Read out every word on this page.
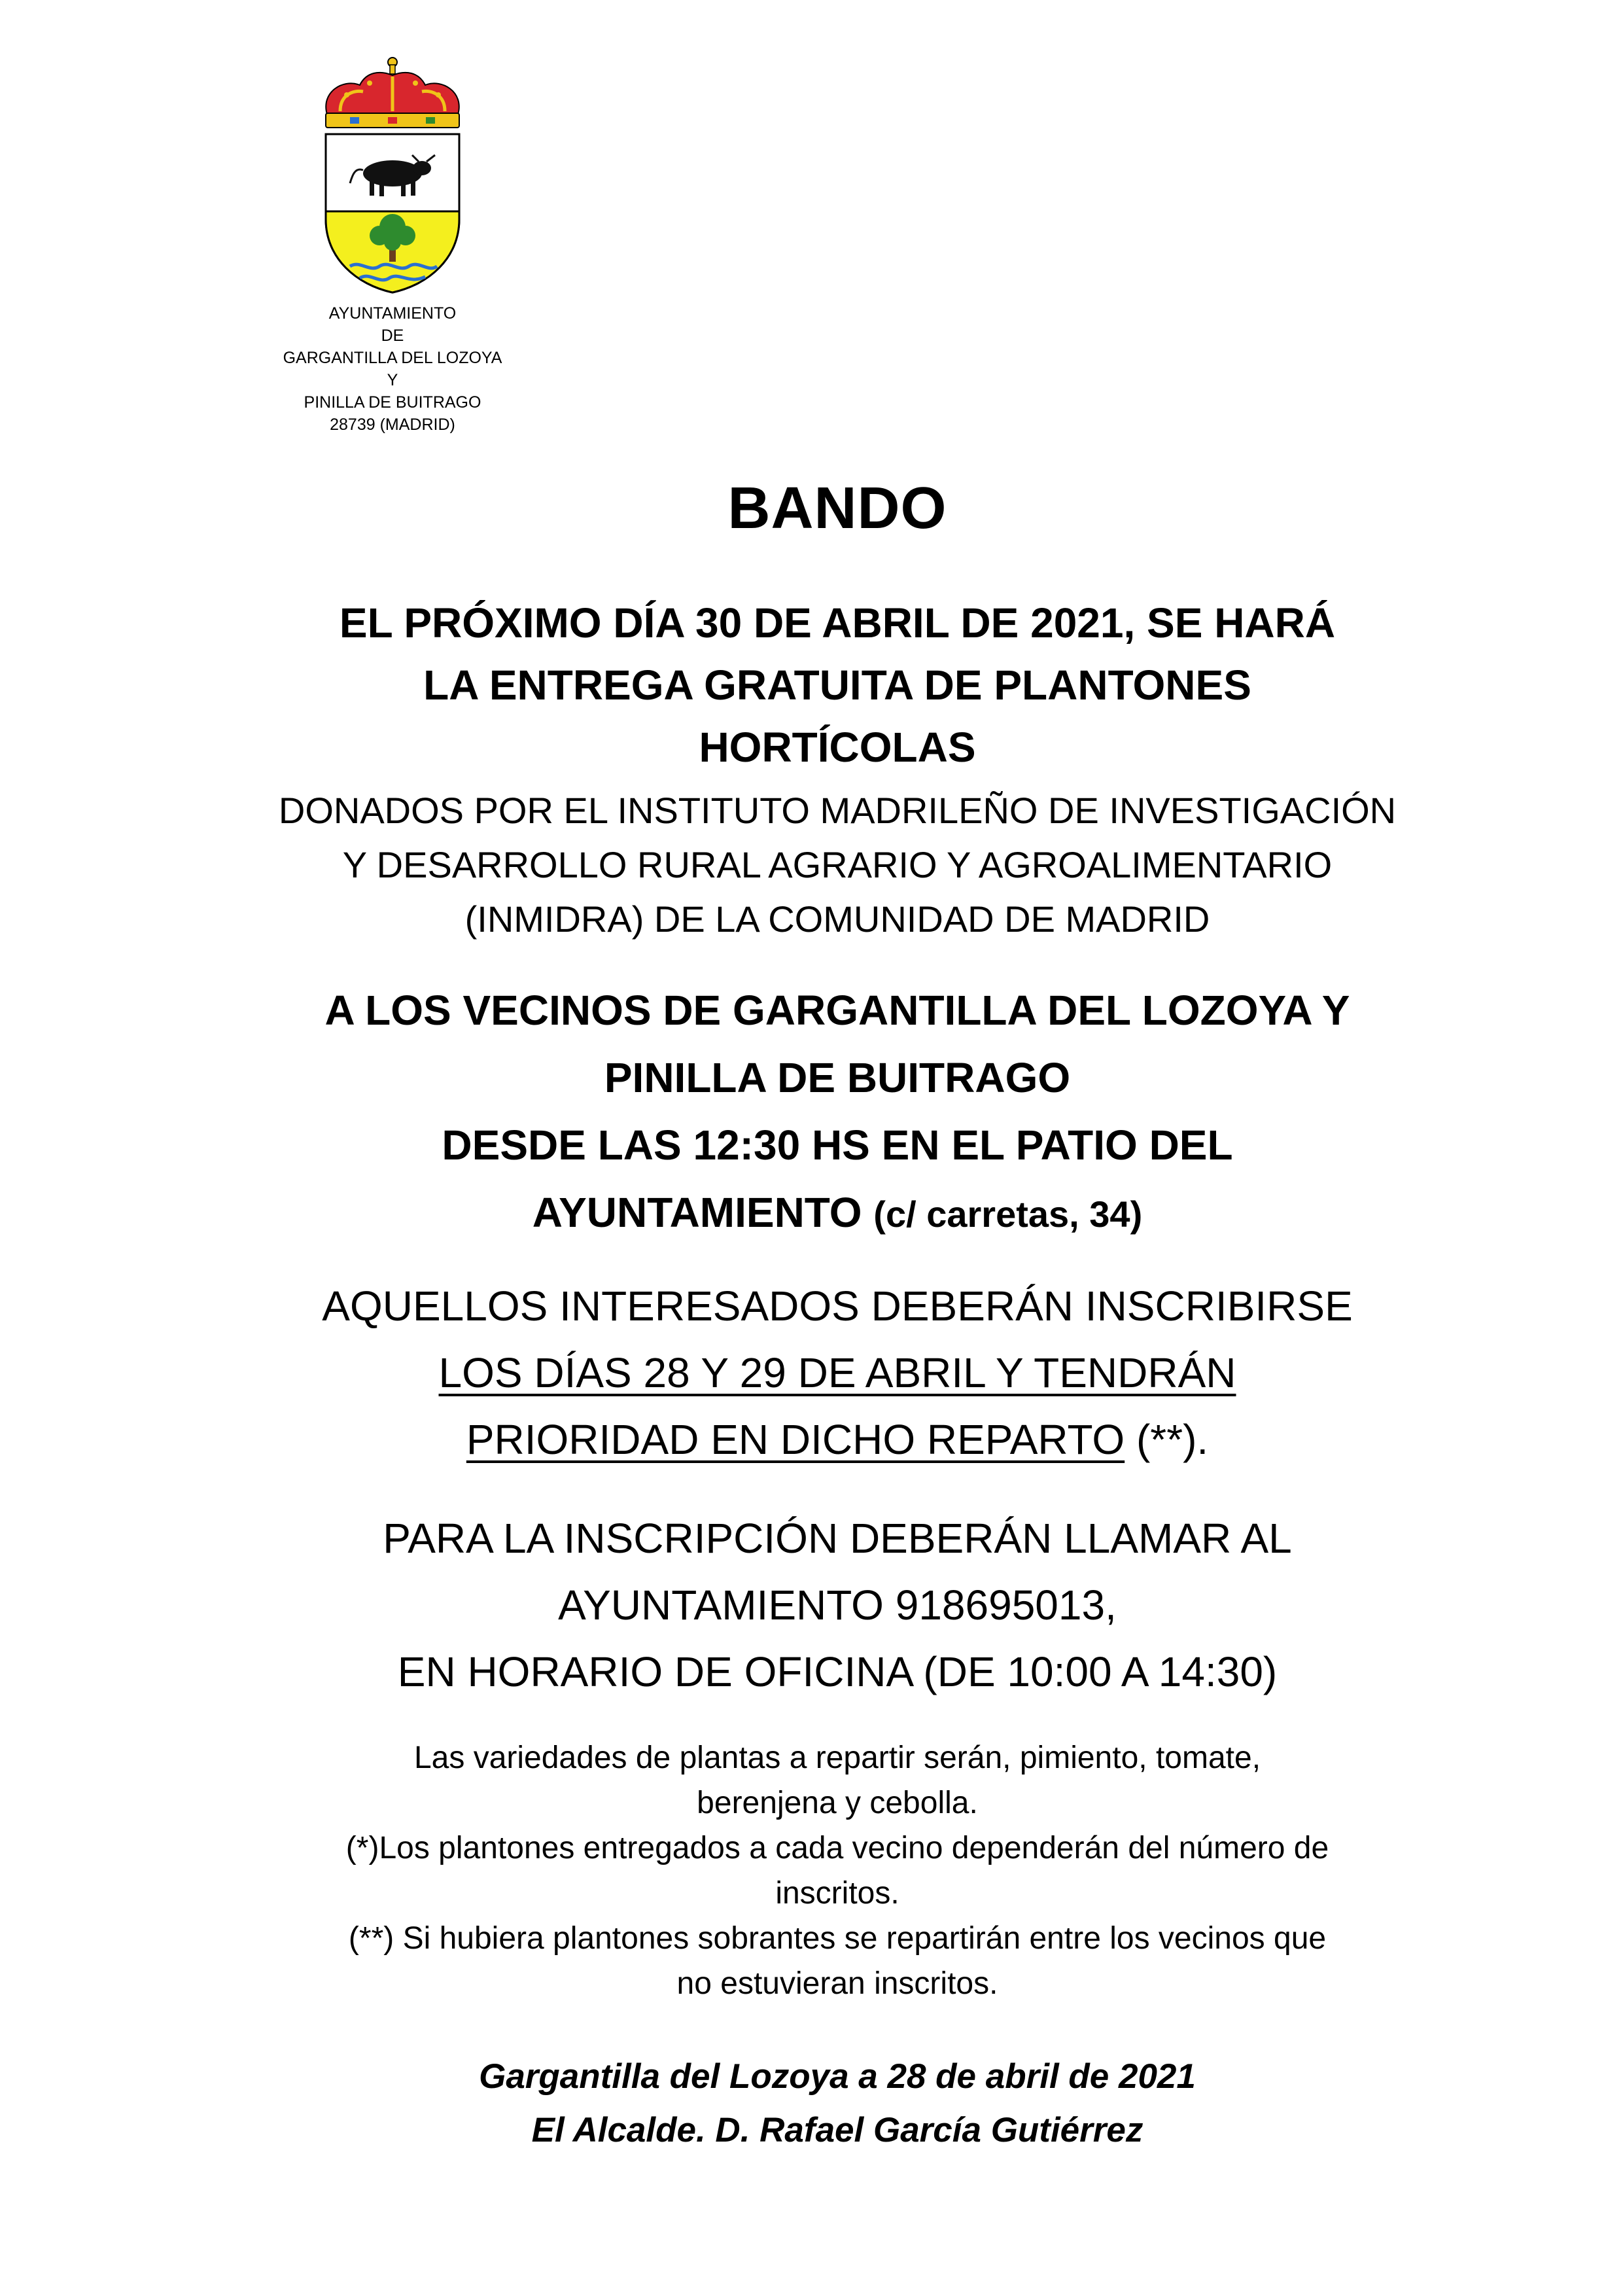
AYUNTAMIENTO
DE
GARGANTILLA DEL LOZOYA
Y
PINILLA DE BUITRAGO
28739 (MADRID)
BANDO
EL PRÓXIMO DÍA 30 DE ABRIL DE 2021, SE HARÁ
LA ENTREGA GRATUITA DE PLANTONES
HORTÍCOLAS
DONADOS POR EL INSTITUTO MADRILEÑO DE INVESTIGACIÓN
Y DESARROLLO RURAL AGRARIO Y AGROALIMENTARIO
(INMIDRA) DE LA COMUNIDAD DE MADRID
A LOS VECINOS DE GARGANTILLA DEL LOZOYA Y
PINILLA DE BUITRAGO
DESDE LAS 12:30 HS EN EL PATIO DEL
AYUNTAMIENTO (c/ carretas, 34)
AQUELLOS INTERESADOS DEBERÁN INSCRIBIRSE
LOS DÍAS 28 Y 29 DE ABRIL Y TENDRÁN
PRIORIDAD EN DICHO REPARTO (**).
PARA LA INSCRIPCIÓN DEBERÁN LLAMAR AL
AYUNTAMIENTO 918695013,
EN HORARIO DE OFICINA (DE 10:00 A 14:30)
Las variedades de plantas a repartir serán, pimiento, tomate,
berenjena y cebolla.
(*)Los plantones entregados a cada vecino dependerán del número de
inscritos.
(**) Si hubiera plantones sobrantes se repartirán entre los vecinos que
no estuvieran inscritos.
Gargantilla del Lozoya a 28 de abril de 2021
El Alcalde. D. Rafael García Gutiérrez
